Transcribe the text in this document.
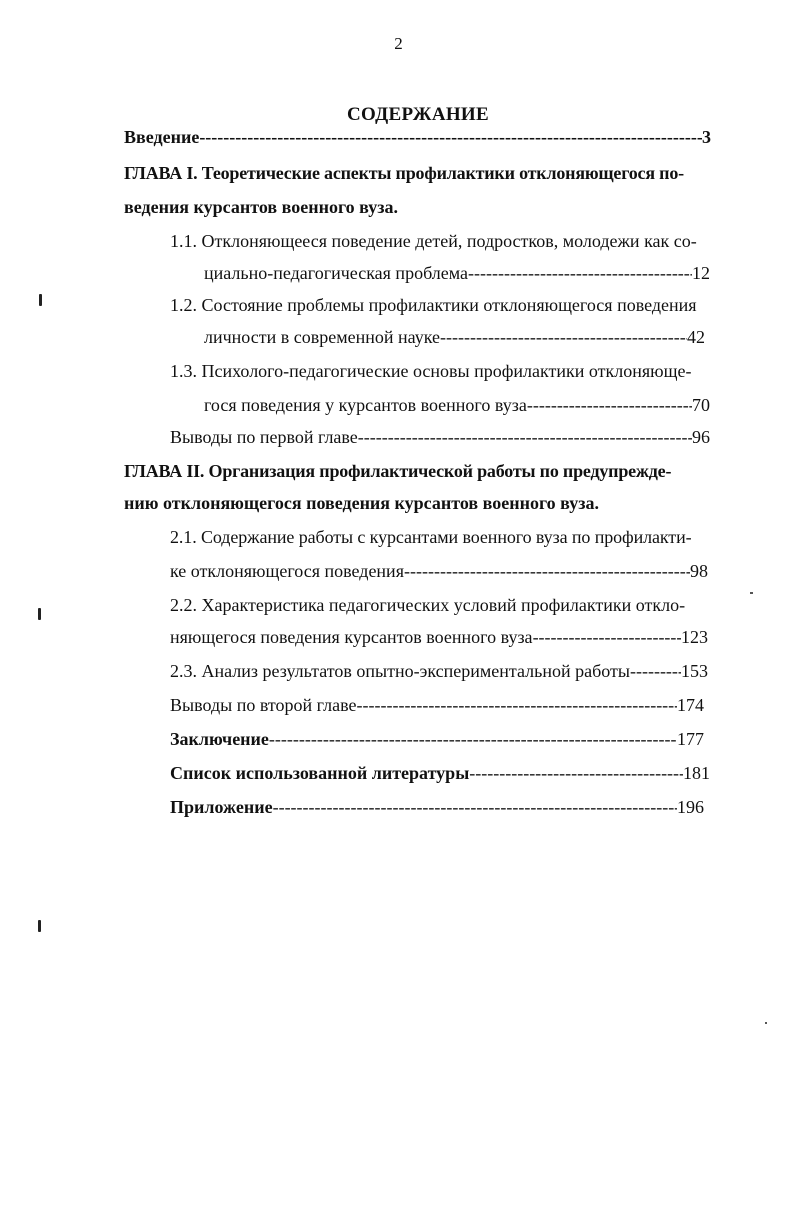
2
СОДЕРЖАНИЕ
Введение -----	3
ГЛАВА I. Теоретические аспекты профилактики отклоняющегося по-
ведения курсантов военного вуза.
1.1. Отклоняющееся поведение детей, подростков, молодежи как со-
циально-педагогическая проблема -----	12
1.2. Состояние проблемы профилактики отклоняющегося поведения
личности в современной науке -----	42
1.3. Психолого-педагогические основы профилактики отклоняюще-
гося поведения у курсантов военного вуза -----	70
Выводы по первой главе -----	96
ГЛАВА II. Организация профилактической работы по предупрежде-
нию отклоняющегося поведения курсантов военного вуза.
2.1. Содержание работы с курсантами военного вуза по профилакти-
ке отклоняющегося поведения -----	98
2.2. Характеристика педагогических условий профилактики откло-
няющегося поведения курсантов военного вуза -----	123
2.3. Анализ результатов опытно-экспериментальной работы -----	153
Выводы по второй главе -----	174
Заключение -----	177
Список использованной литературы -----	181
Приложение -----	196
